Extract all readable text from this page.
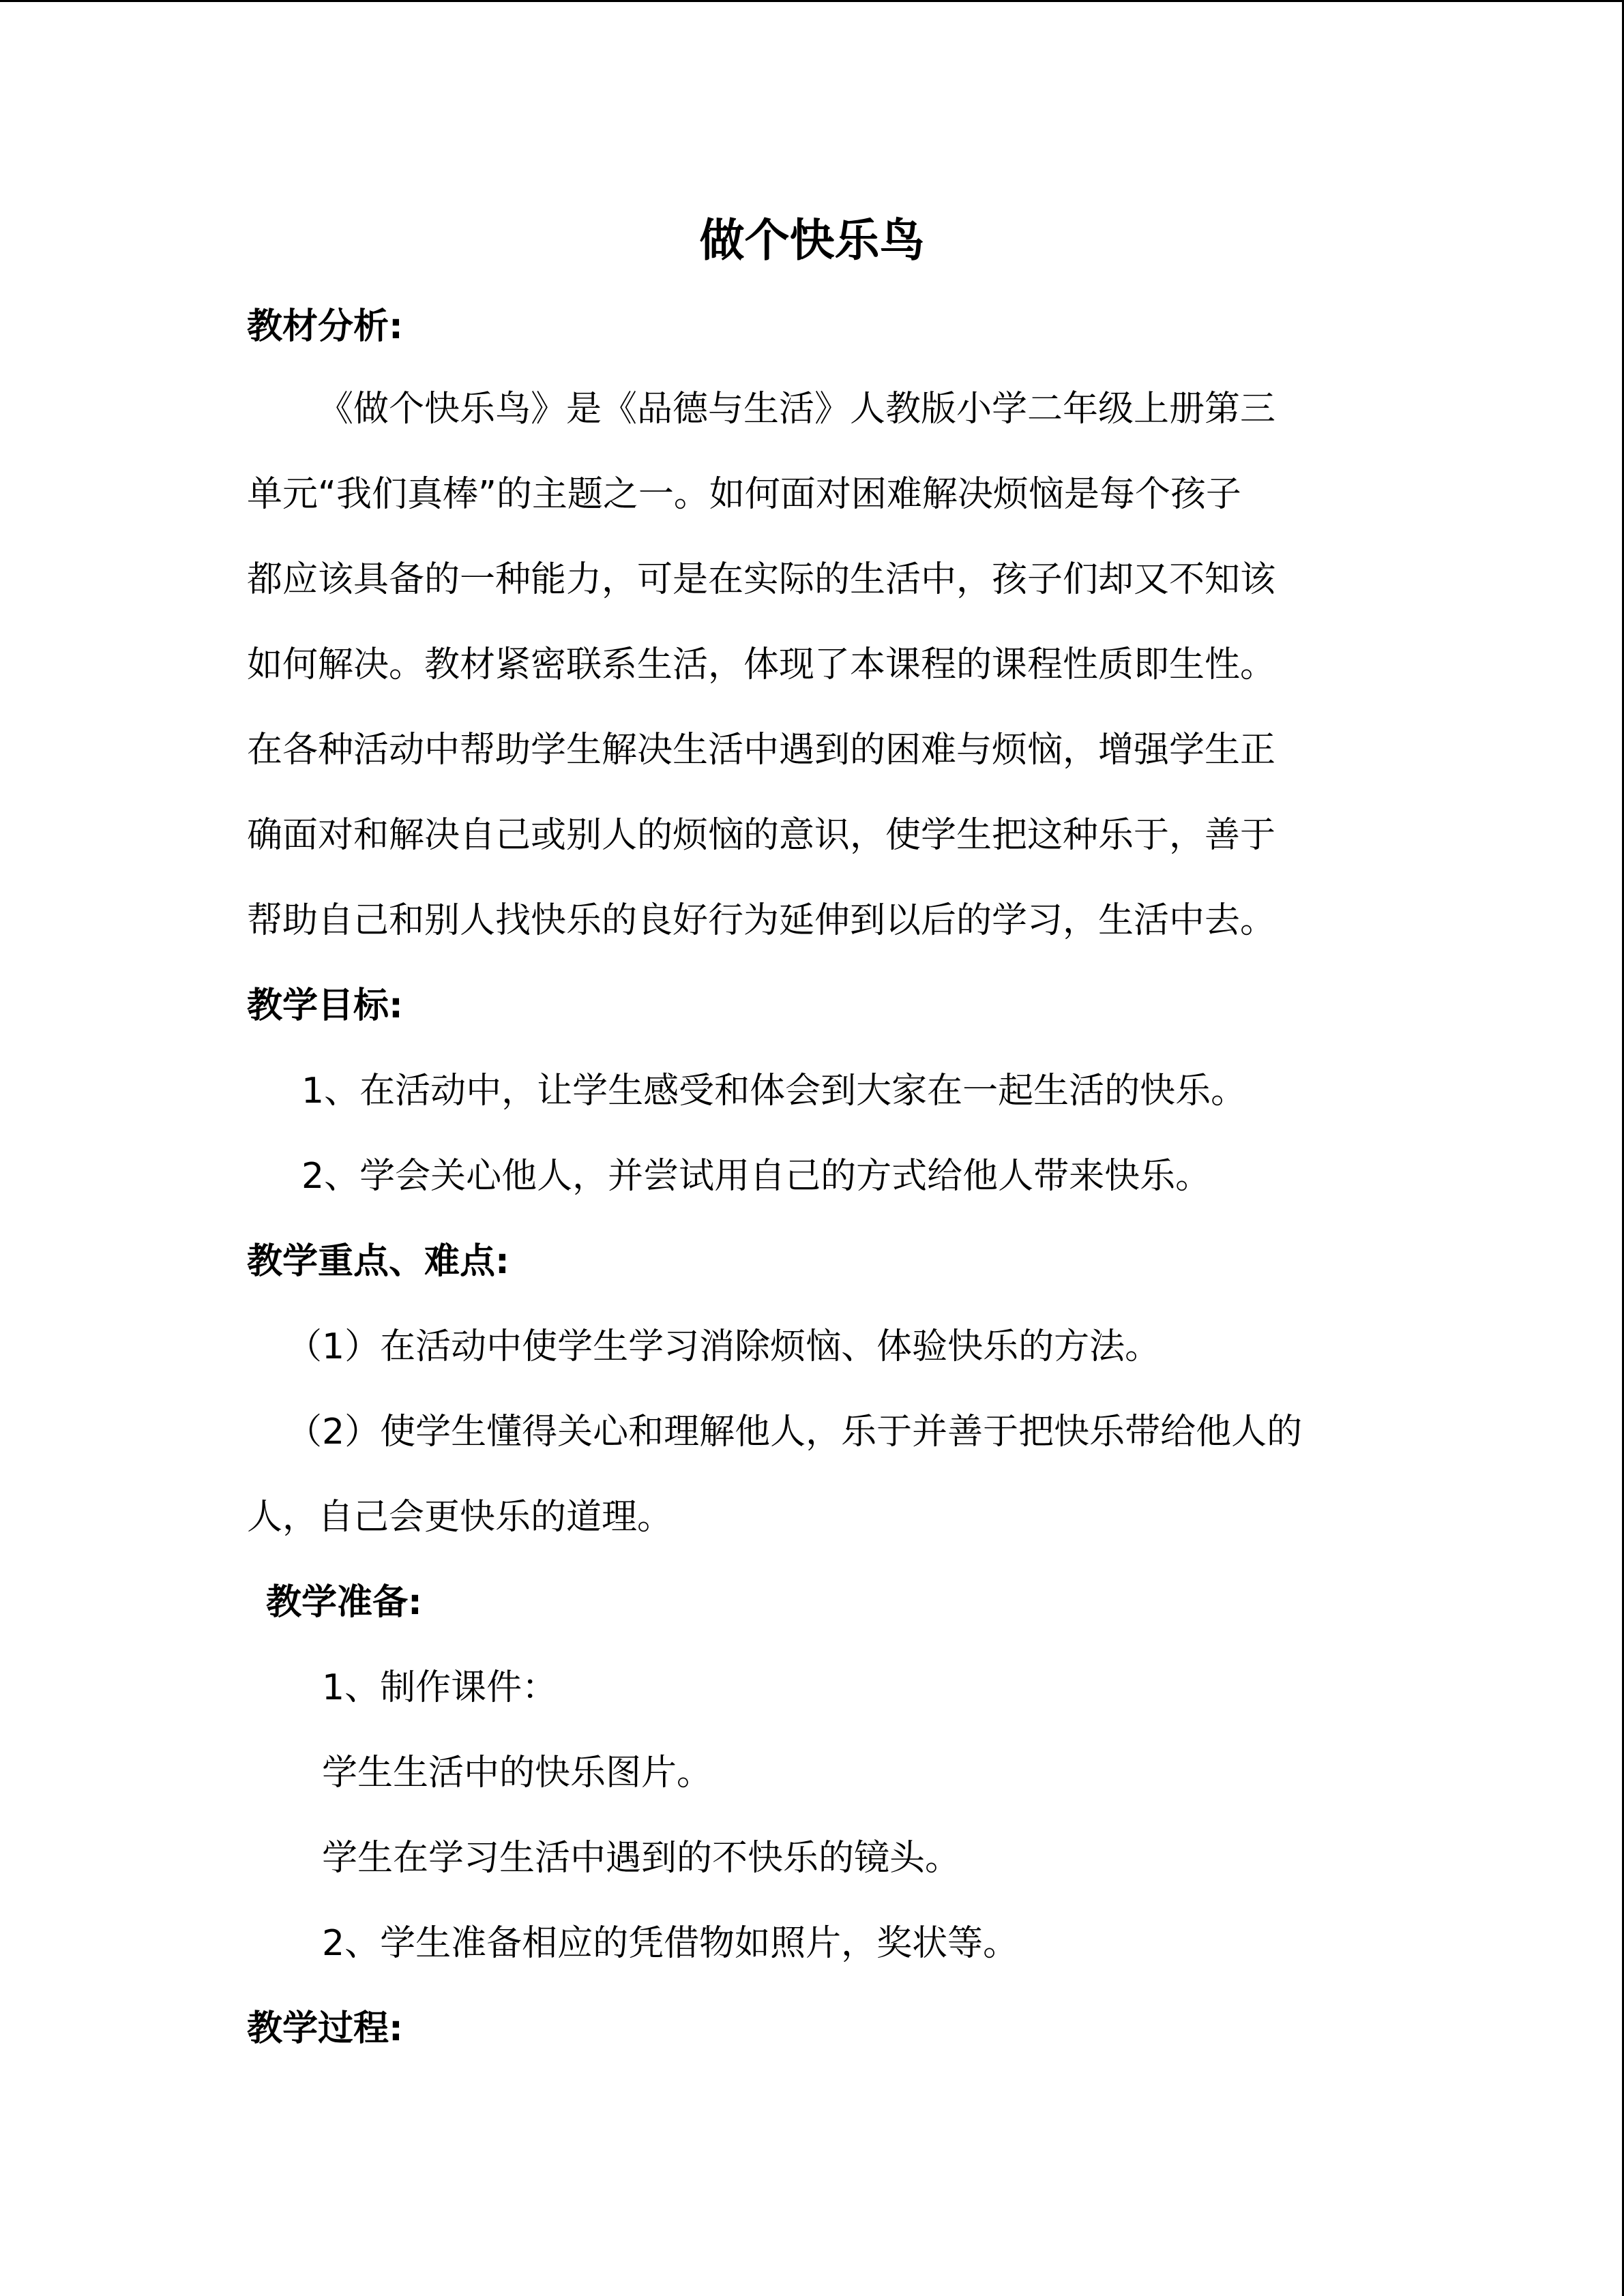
做个快乐鸟
教材分析:
《做个快乐鸟》是《品德与生活》人教版小学二年级上册第三
单元“我们真棒”的主题之一。如何面对困难解决烦恼是每个孩子
都应该具备的一种能力，可是在实际的生活中，孩子们却又不知该
如何解决。教材紧密联系生活，体现了本课程的课程性质即生性。
在各种活动中帮助学生解决生活中遇到的困难与烦恼，增强学生正
确面对和解决自己或别人的烦恼的意识，使学生把这种乐于，善于
帮助自己和别人找快乐的良好行为延伸到以后的学习，生活中去。
教学目标:
1、在活动中，让学生感受和体会到大家在一起生活的快乐。
2、学会关心他人，并尝试用自己的方式给他人带来快乐。
教学重点、难点:
（1）在活动中使学生学习消除烦恼、体验快乐的方法。
（2）使学生懂得关心和理解他人，乐于并善于把快乐带给他人的
人，自己会更快乐的道理。
教学准备:
1、制作课件：
学生生活中的快乐图片。
学生在学习生活中遇到的不快乐的镜头。
2、学生准备相应的凭借物如照片，奖状等。
教学过程:
